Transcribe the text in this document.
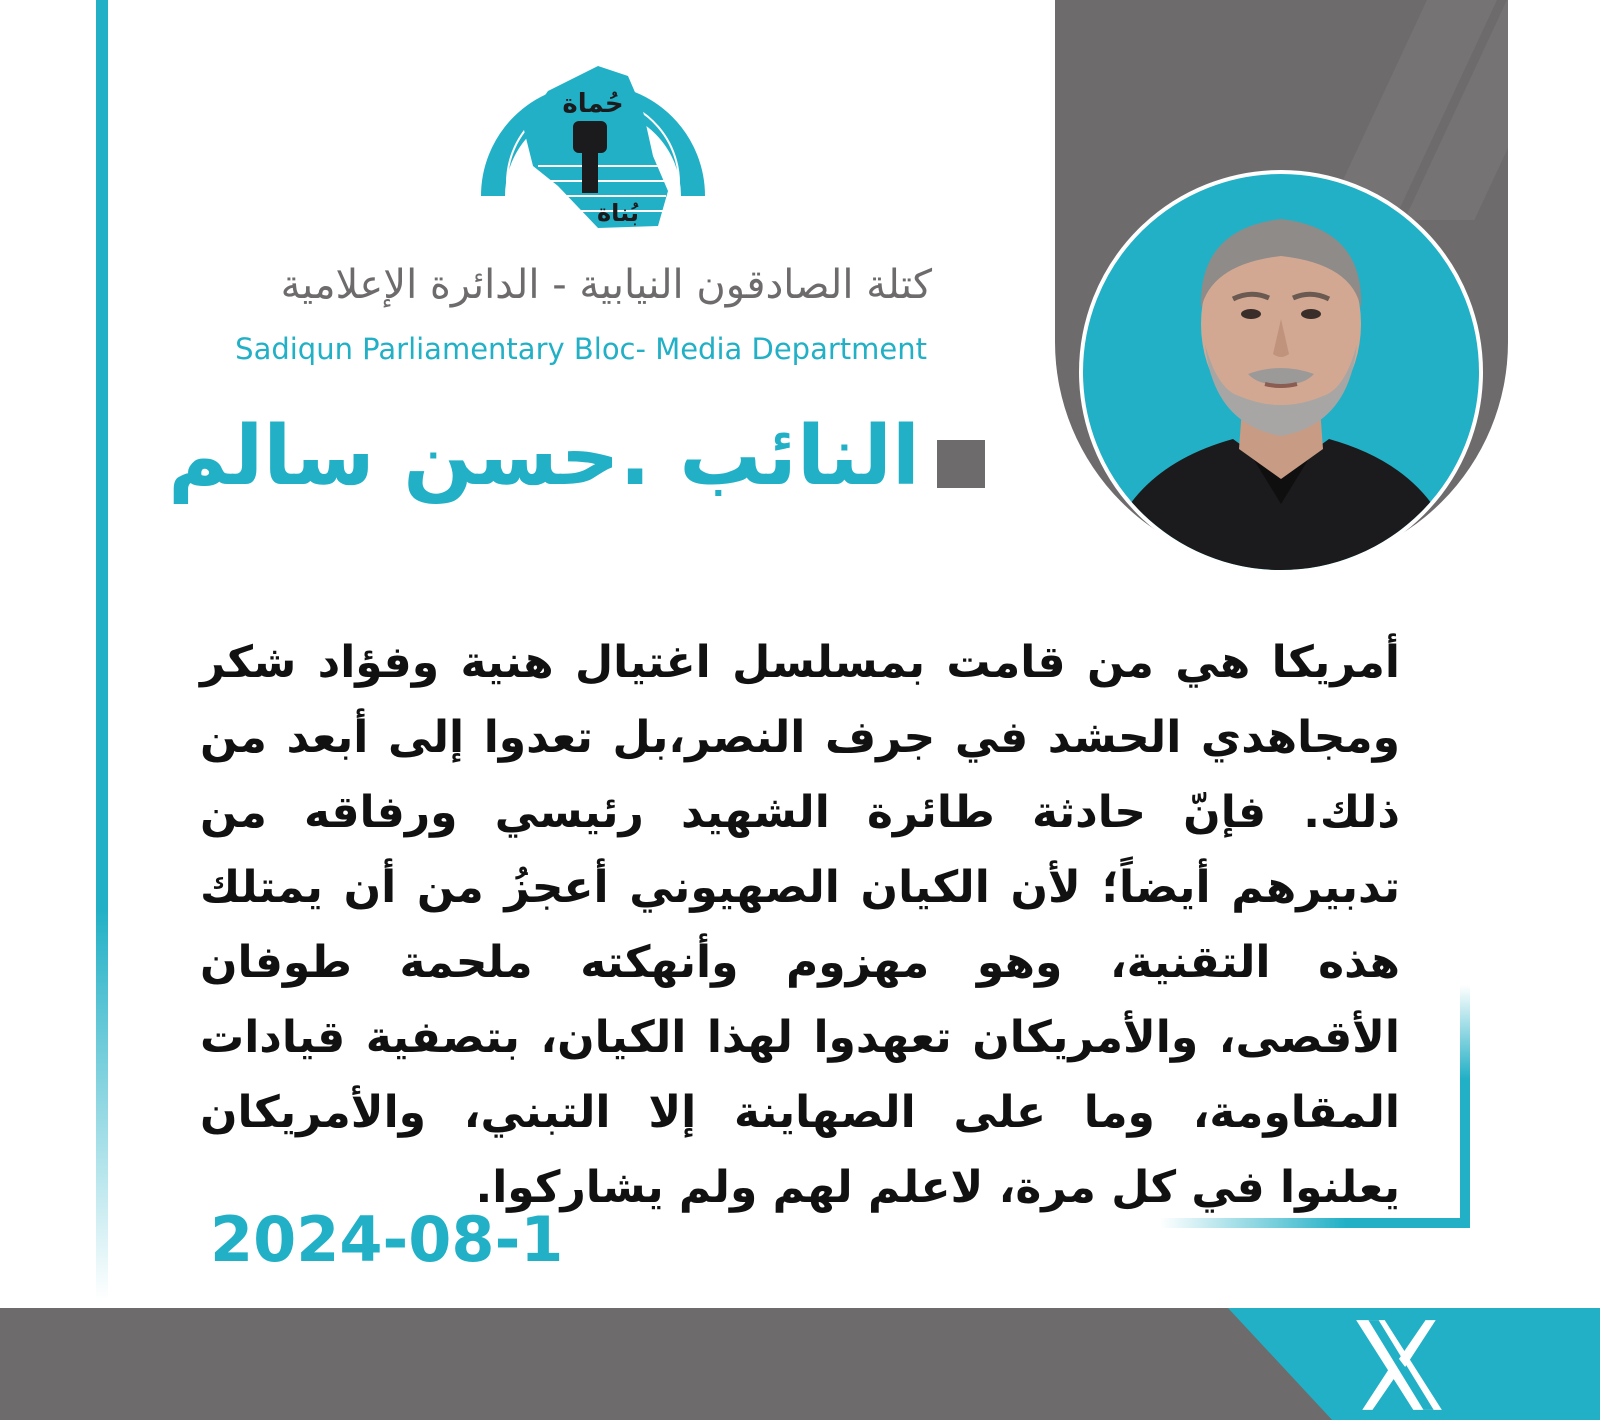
حُماة
بُناة
حركة الصادقون
الله أكبر
كتلة الصادقون النيابية - الدائرة الإعلامية
Sadiqun Parliamentary Bloc- Media Department
النائب .حسن سالم
أمريكا هي من قامت بمسلسل اغتيال هنية وفؤاد شكر ومجاهدي الحشد في جرف النصر،بل تعدوا إلى أبعد من ذلك. فإنّ حادثة طائرة الشهيد رئيسي ورفاقه من تدبيرهم أيضاً؛ لأن الكيان الصهيوني أعجزُ من أن يمتلك هذه التقنية، وهو مهزوم وأنهكته ملحمة طوفان الأقصى، والأمريكان تعهدوا لهذا الكيان، بتصفية قيادات المقاومة، وما على الصهاينة إلا التبني، والأمريكان يعلنوا في كل مرة، لاعلم لهم ولم يشاركوا.
2024-08-1
